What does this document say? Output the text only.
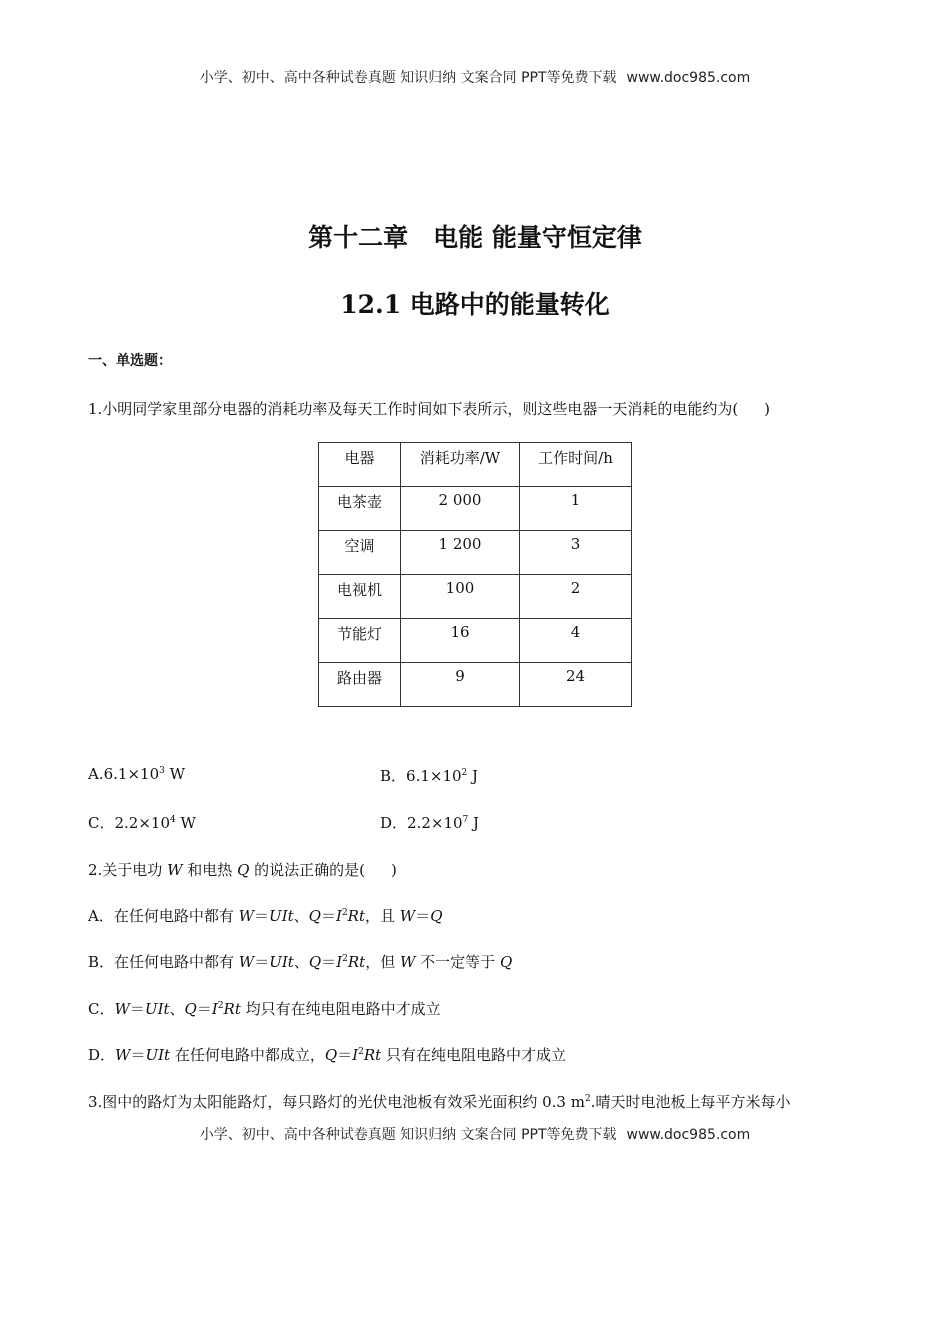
小学、初中、高中各种试卷真题 知识归纳 文案合同 PPT等免费下载 www.doc985.com
第十二章　电能 能量守恒定律
12.1 电路中的能量转化
一、单选题：
1.小明同学家里部分电器的消耗功率及每天工作时间如下表所示，则这些电器一天消耗的电能约为( )
电器	消耗功率/W	工作时间/h
电茶壶	2 000	1
空调	1 200	3
电视机	100	2
节能灯	16	4
路由器	9	24
$A.6.1\times 10^3$ W	B．$6.1\times 10^2$ J
C．$2.2\times 10^4$ W	D．$2.2\times 10^7$ J
2.关于电功 W 和电热 Q 的说法正确的是( )
A．在任何电路中都有 W＝UIt、$Q=I^2Rt$，且 W＝Q
B．在任何电路中都有 W＝UIt、$Q=I^2Rt$，但 W 不一定等于 Q
C．W＝UIt、$Q=I^2Rt$ 均只有在纯电阻电路中才成立
D．W＝UIt 在任何电路中都成立，$Q=I^2Rt$ 只有在纯电阻电路中才成立
3.图中的路灯为太阳能路灯，每只路灯的光伏电池板有效采光面积约 0.3 $m^2$.晴天时电池板上每平方米每小
小学、初中、高中各种试卷真题 知识归纳 文案合同 PPT等免费下载 www.doc985.com
